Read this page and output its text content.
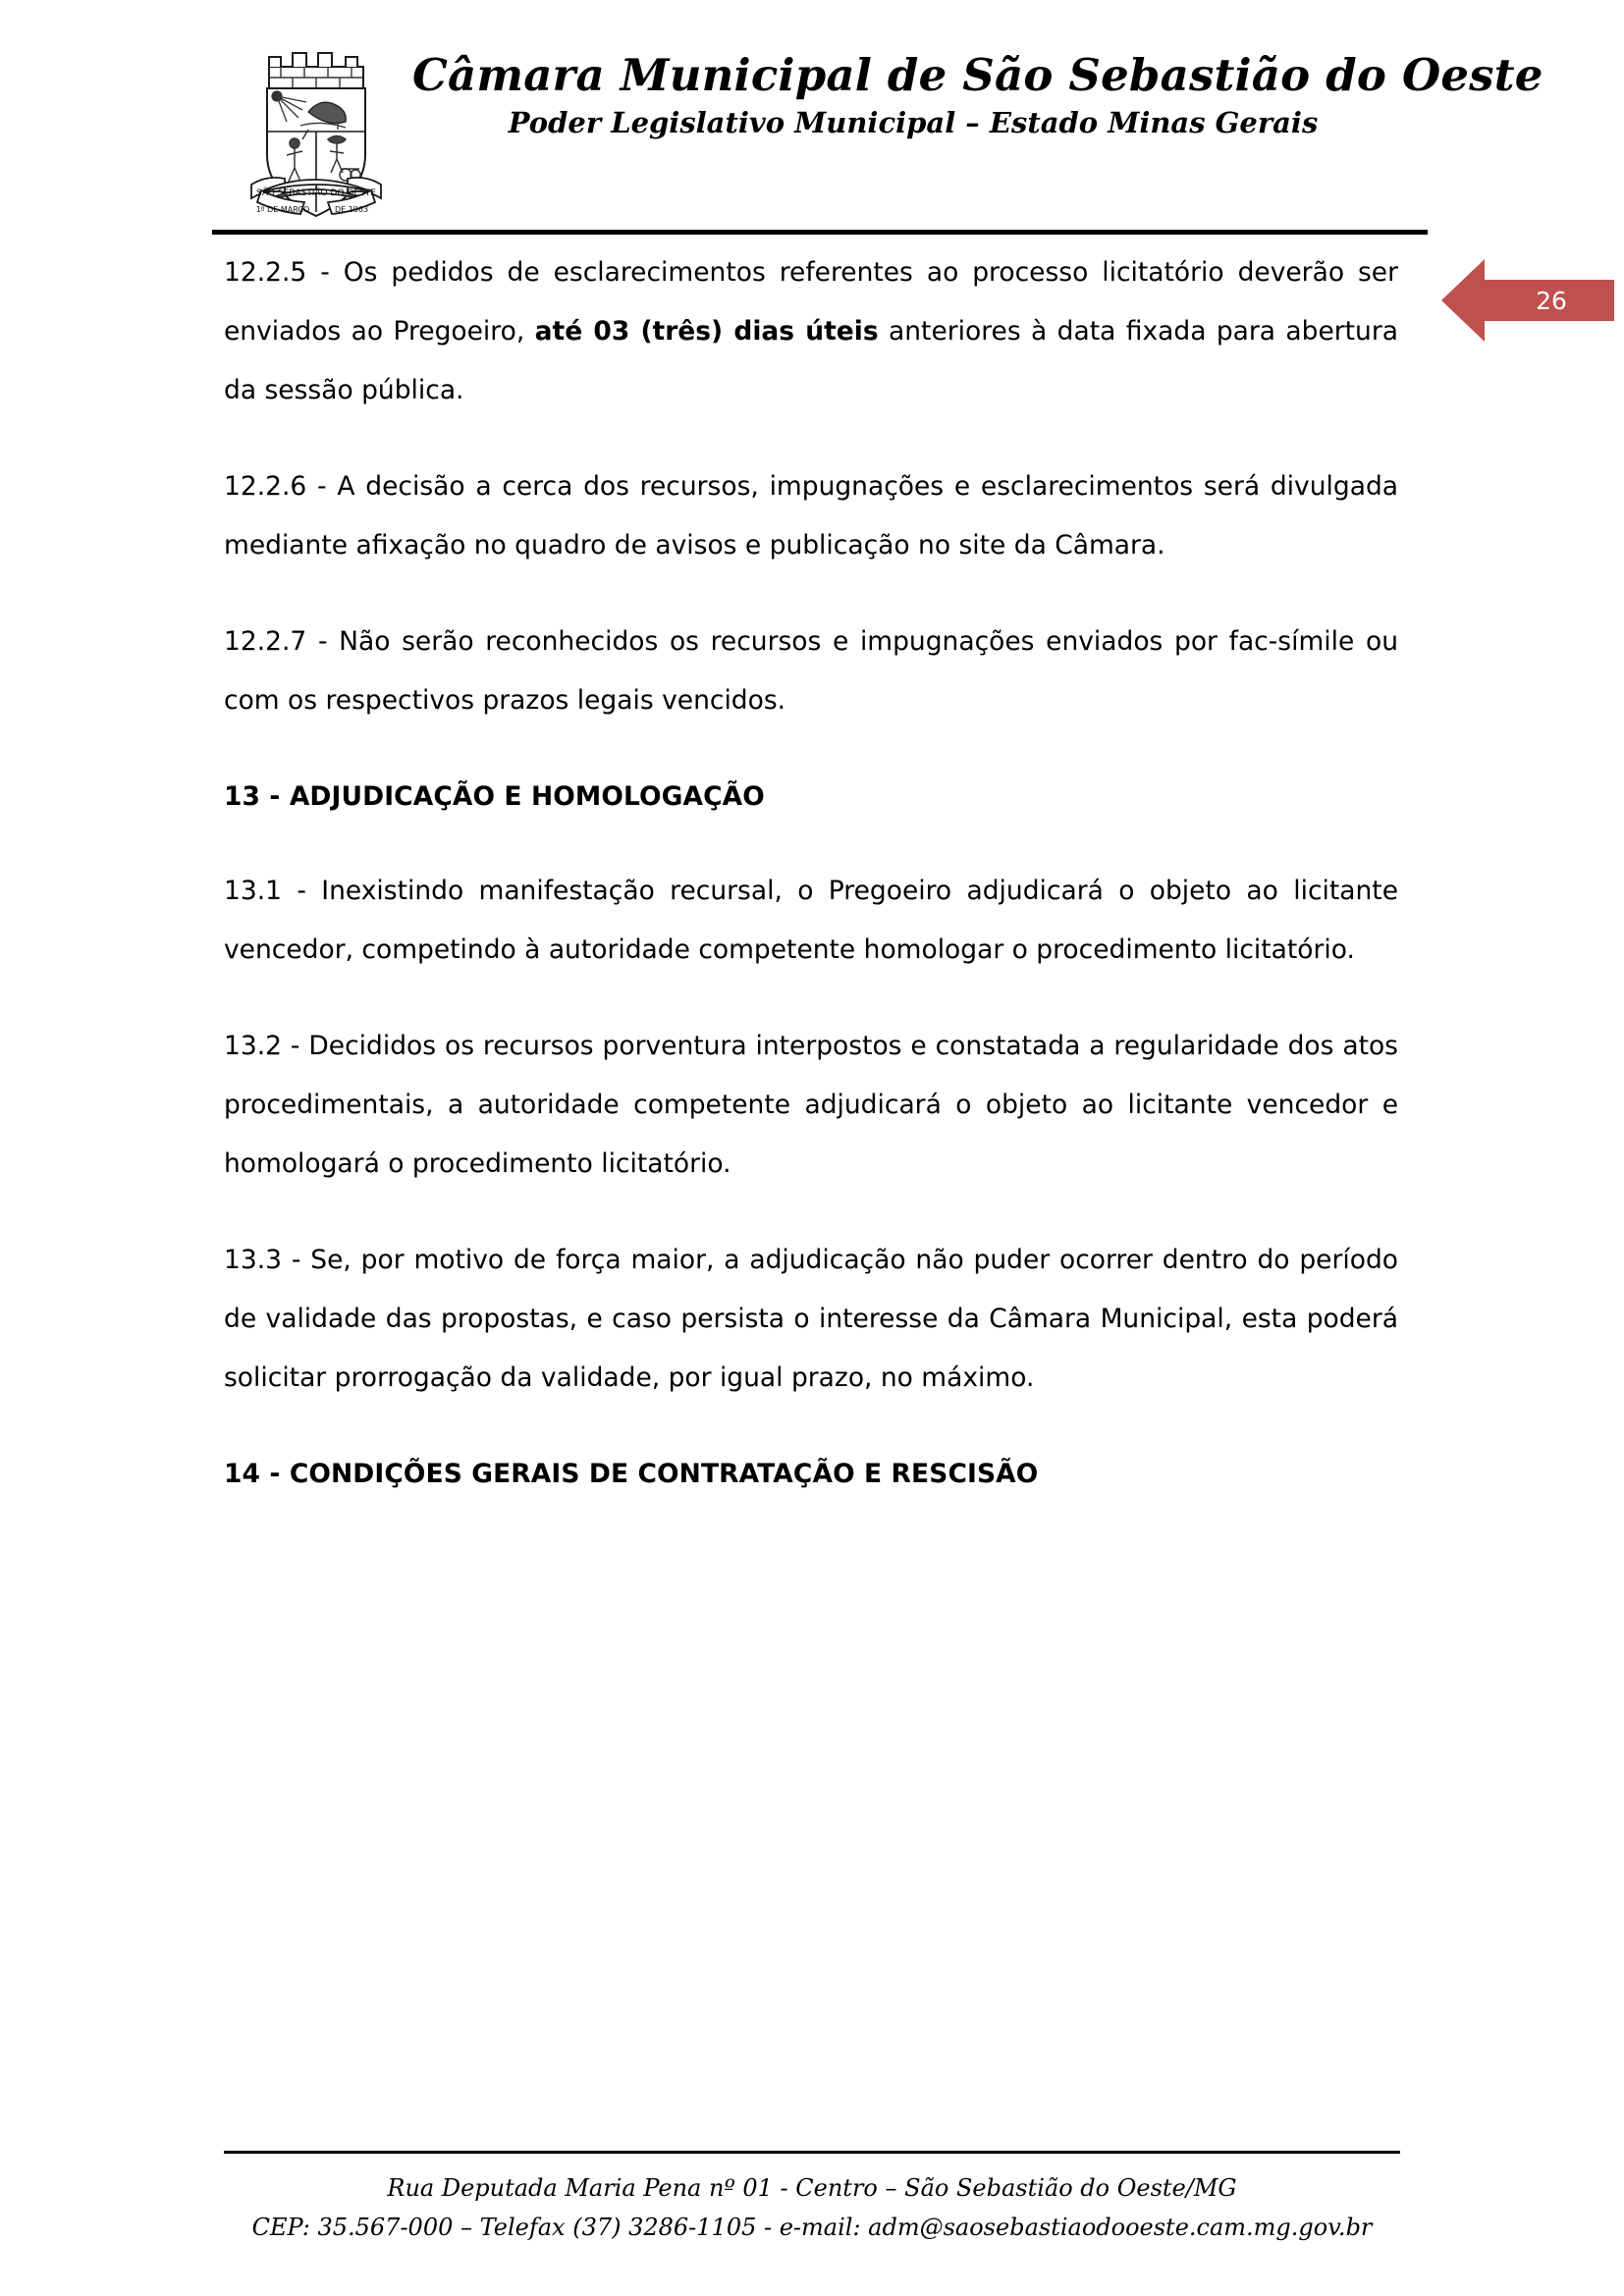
SÃO SEBASTIÃO DO OESTE
1º DE MARÇO	DE 1963
Câmara Municipal de São Sebastião do Oeste
Poder Legislativo Municipal – Estado Minas Gerais
26

12.2.5 - Os pedidos de esclarecimentos referentes ao processo licitatório deverão ser enviados ao Pregoeiro, até 03 (três) dias úteis anteriores à data fixada para abertura da sessão pública.

12.2.6 - A decisão a cerca dos recursos, impugnações e esclarecimentos será divulgada mediante afixação no quadro de avisos e publicação no site da Câmara.

12.2.7 - Não serão reconhecidos os recursos e impugnações enviados por fac-símile ou com os respectivos prazos legais vencidos.

13 - ADJUDICAÇÃO E HOMOLOGAÇÃO

13.1 - Inexistindo manifestação recursal, o Pregoeiro adjudicará o objeto ao licitante vencedor, competindo à autoridade competente homologar o procedimento licitatório.

13.2 - Decididos os recursos porventura interpostos e constatada a regularidade dos atos procedimentais, a autoridade competente adjudicará o objeto ao licitante vencedor e homologará o procedimento licitatório.

13.3 - Se, por motivo de força maior, a adjudicação não puder ocorrer dentro do período de validade das propostas, e caso persista o interesse da Câmara Municipal, esta poderá solicitar prorrogação da validade, por igual prazo, no máximo.

14 - CONDIÇÕES GERAIS DE CONTRATAÇÃO E RESCISÃO
Rua Deputada Maria Pena nº 01 - Centro – São Sebastião do Oeste/MG
CEP: 35.567-000 – Telefax (37) 3286-1105 - e-mail: adm@saosebastiaodooeste.cam.mg.gov.br
